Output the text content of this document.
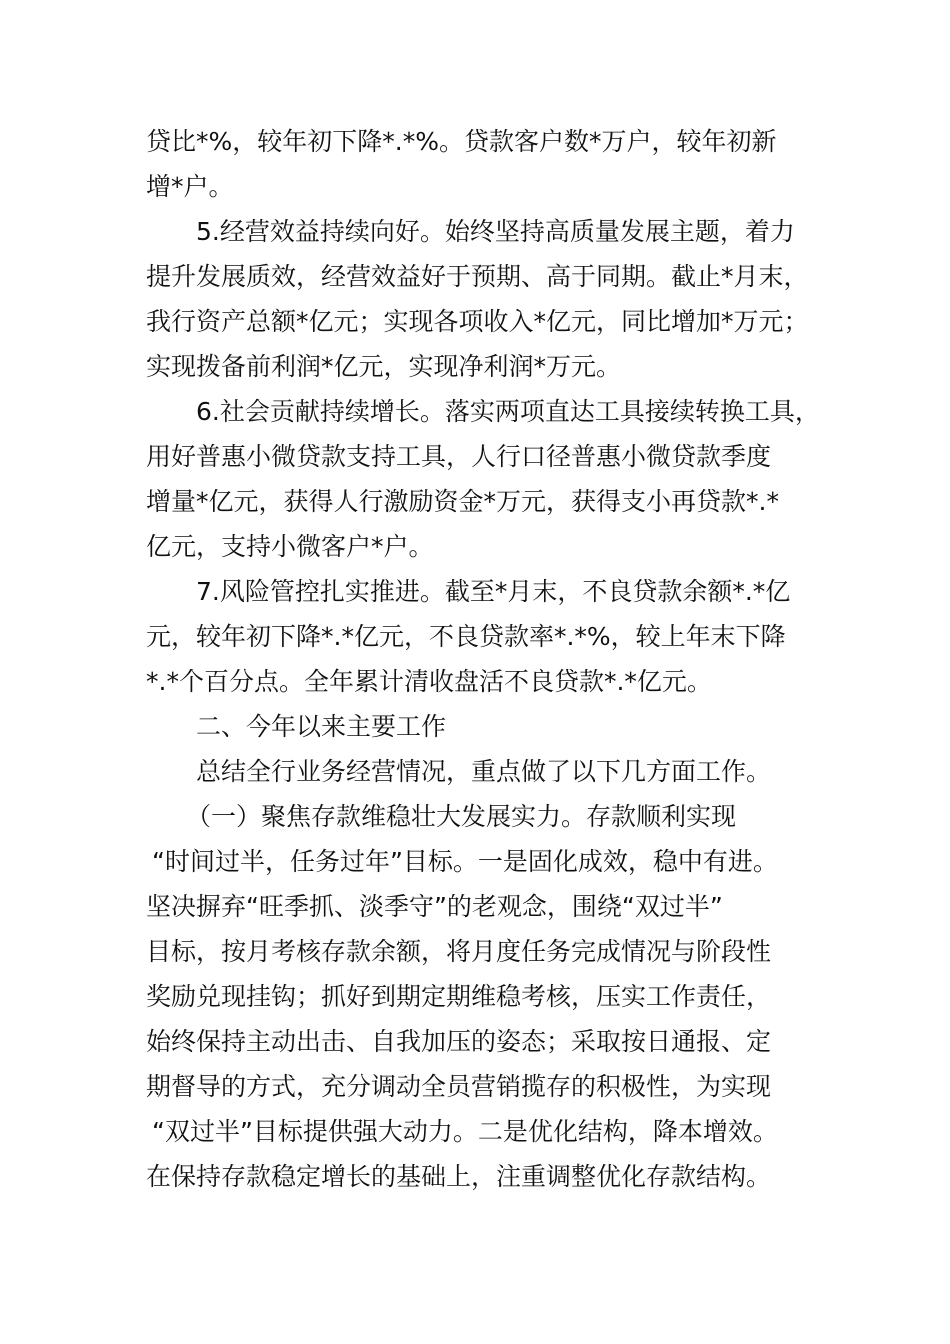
贷比*%，较年初下降*.*%。贷款客户数*万户，较年初新
增*户。
5.经营效益持续向好。始终坚持高质量发展主题，着力
提升发展质效，经营效益好于预期、高于同期。截止*月末，
我行资产总额*亿元；实现各项收入*亿元，同比增加*万元；
实现拨备前利润*亿元，实现净利润*万元。
6.社会贡献持续增长。落实两项直达工具接续转换工具，
用好普惠小微贷款支持工具，人行口径普惠小微贷款季度
增量*亿元，获得人行激励资金*万元，获得支小再贷款*.*
亿元，支持小微客户*户。
7.风险管控扎实推进。截至*月末，不良贷款余额*.*亿
元，较年初下降*.*亿元，不良贷款率*.*%，较上年末下降
*.*个百分点。全年累计清收盘活不良贷款*.*亿元。
二、今年以来主要工作
总结全行业务经营情况，重点做了以下几方面工作。
（一）聚焦存款维稳壮大发展实力。存款顺利实现
“时间过半，任务过年”目标。一是固化成效，稳中有进。
坚决摒弃“旺季抓、淡季守”的老观念，围绕“双过半”
目标，按月考核存款余额，将月度任务完成情况与阶段性
奖励兑现挂钩；抓好到期定期维稳考核，压实工作责任，
始终保持主动出击、自我加压的姿态；采取按日通报、定
期督导的方式，充分调动全员营销揽存的积极性，为实现
“双过半”目标提供强大动力。二是优化结构，降本增效。
在保持存款稳定增长的基础上，注重调整优化存款结构。
